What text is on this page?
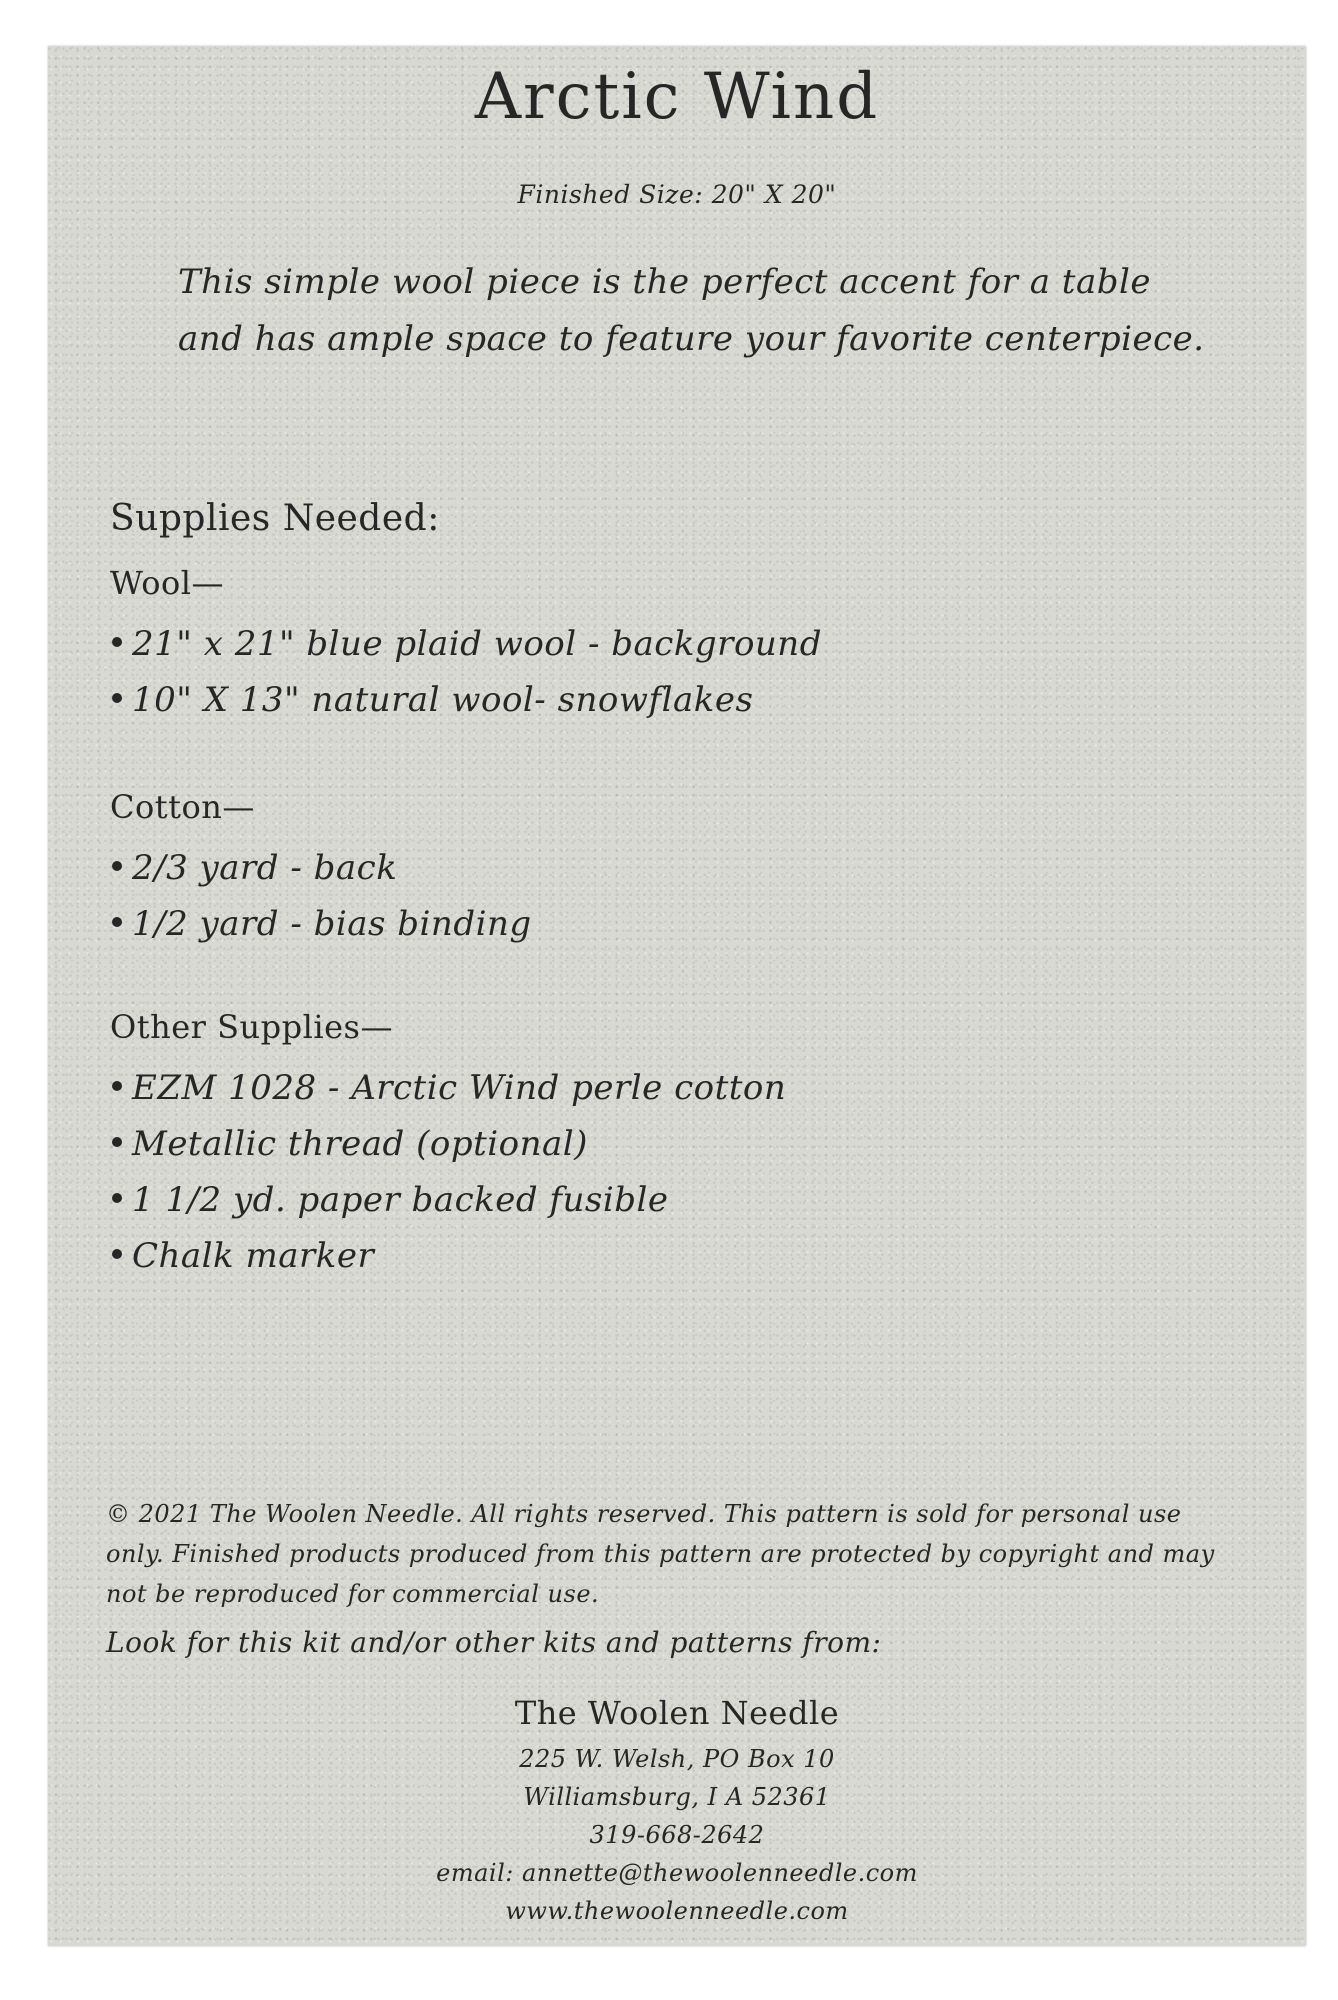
Arctic Wind
Finished Size: 20" X 20"

This simple wool piece is the perfect accent for a table and has ample space to feature your favorite centerpiece.

Supplies Needed:
Wool—
21" x 21" blue plaid wool - background
10" X 13" natural wool- snowflakes
Cotton—
2/3 yard - back
1/2 yard - bias binding
Other Supplies—
EZM 1028 - Arctic Wind perle cotton
Metallic thread (optional)
1 1/2 yd. paper backed fusible
Chalk marker

© 2021 The Woolen Needle. All rights reserved. This pattern is sold for personal use only. Finished products produced from this pattern are protected by copyright and may not be reproduced for commercial use.

Look for this kit and/or other kits and patterns from:

The Woolen Needle
225 W. Welsh, PO Box 10
Williamsburg, I A 52361
319-668-2642
email: annette@thewoolenneedle.com
www.thewoolenneedle.com
